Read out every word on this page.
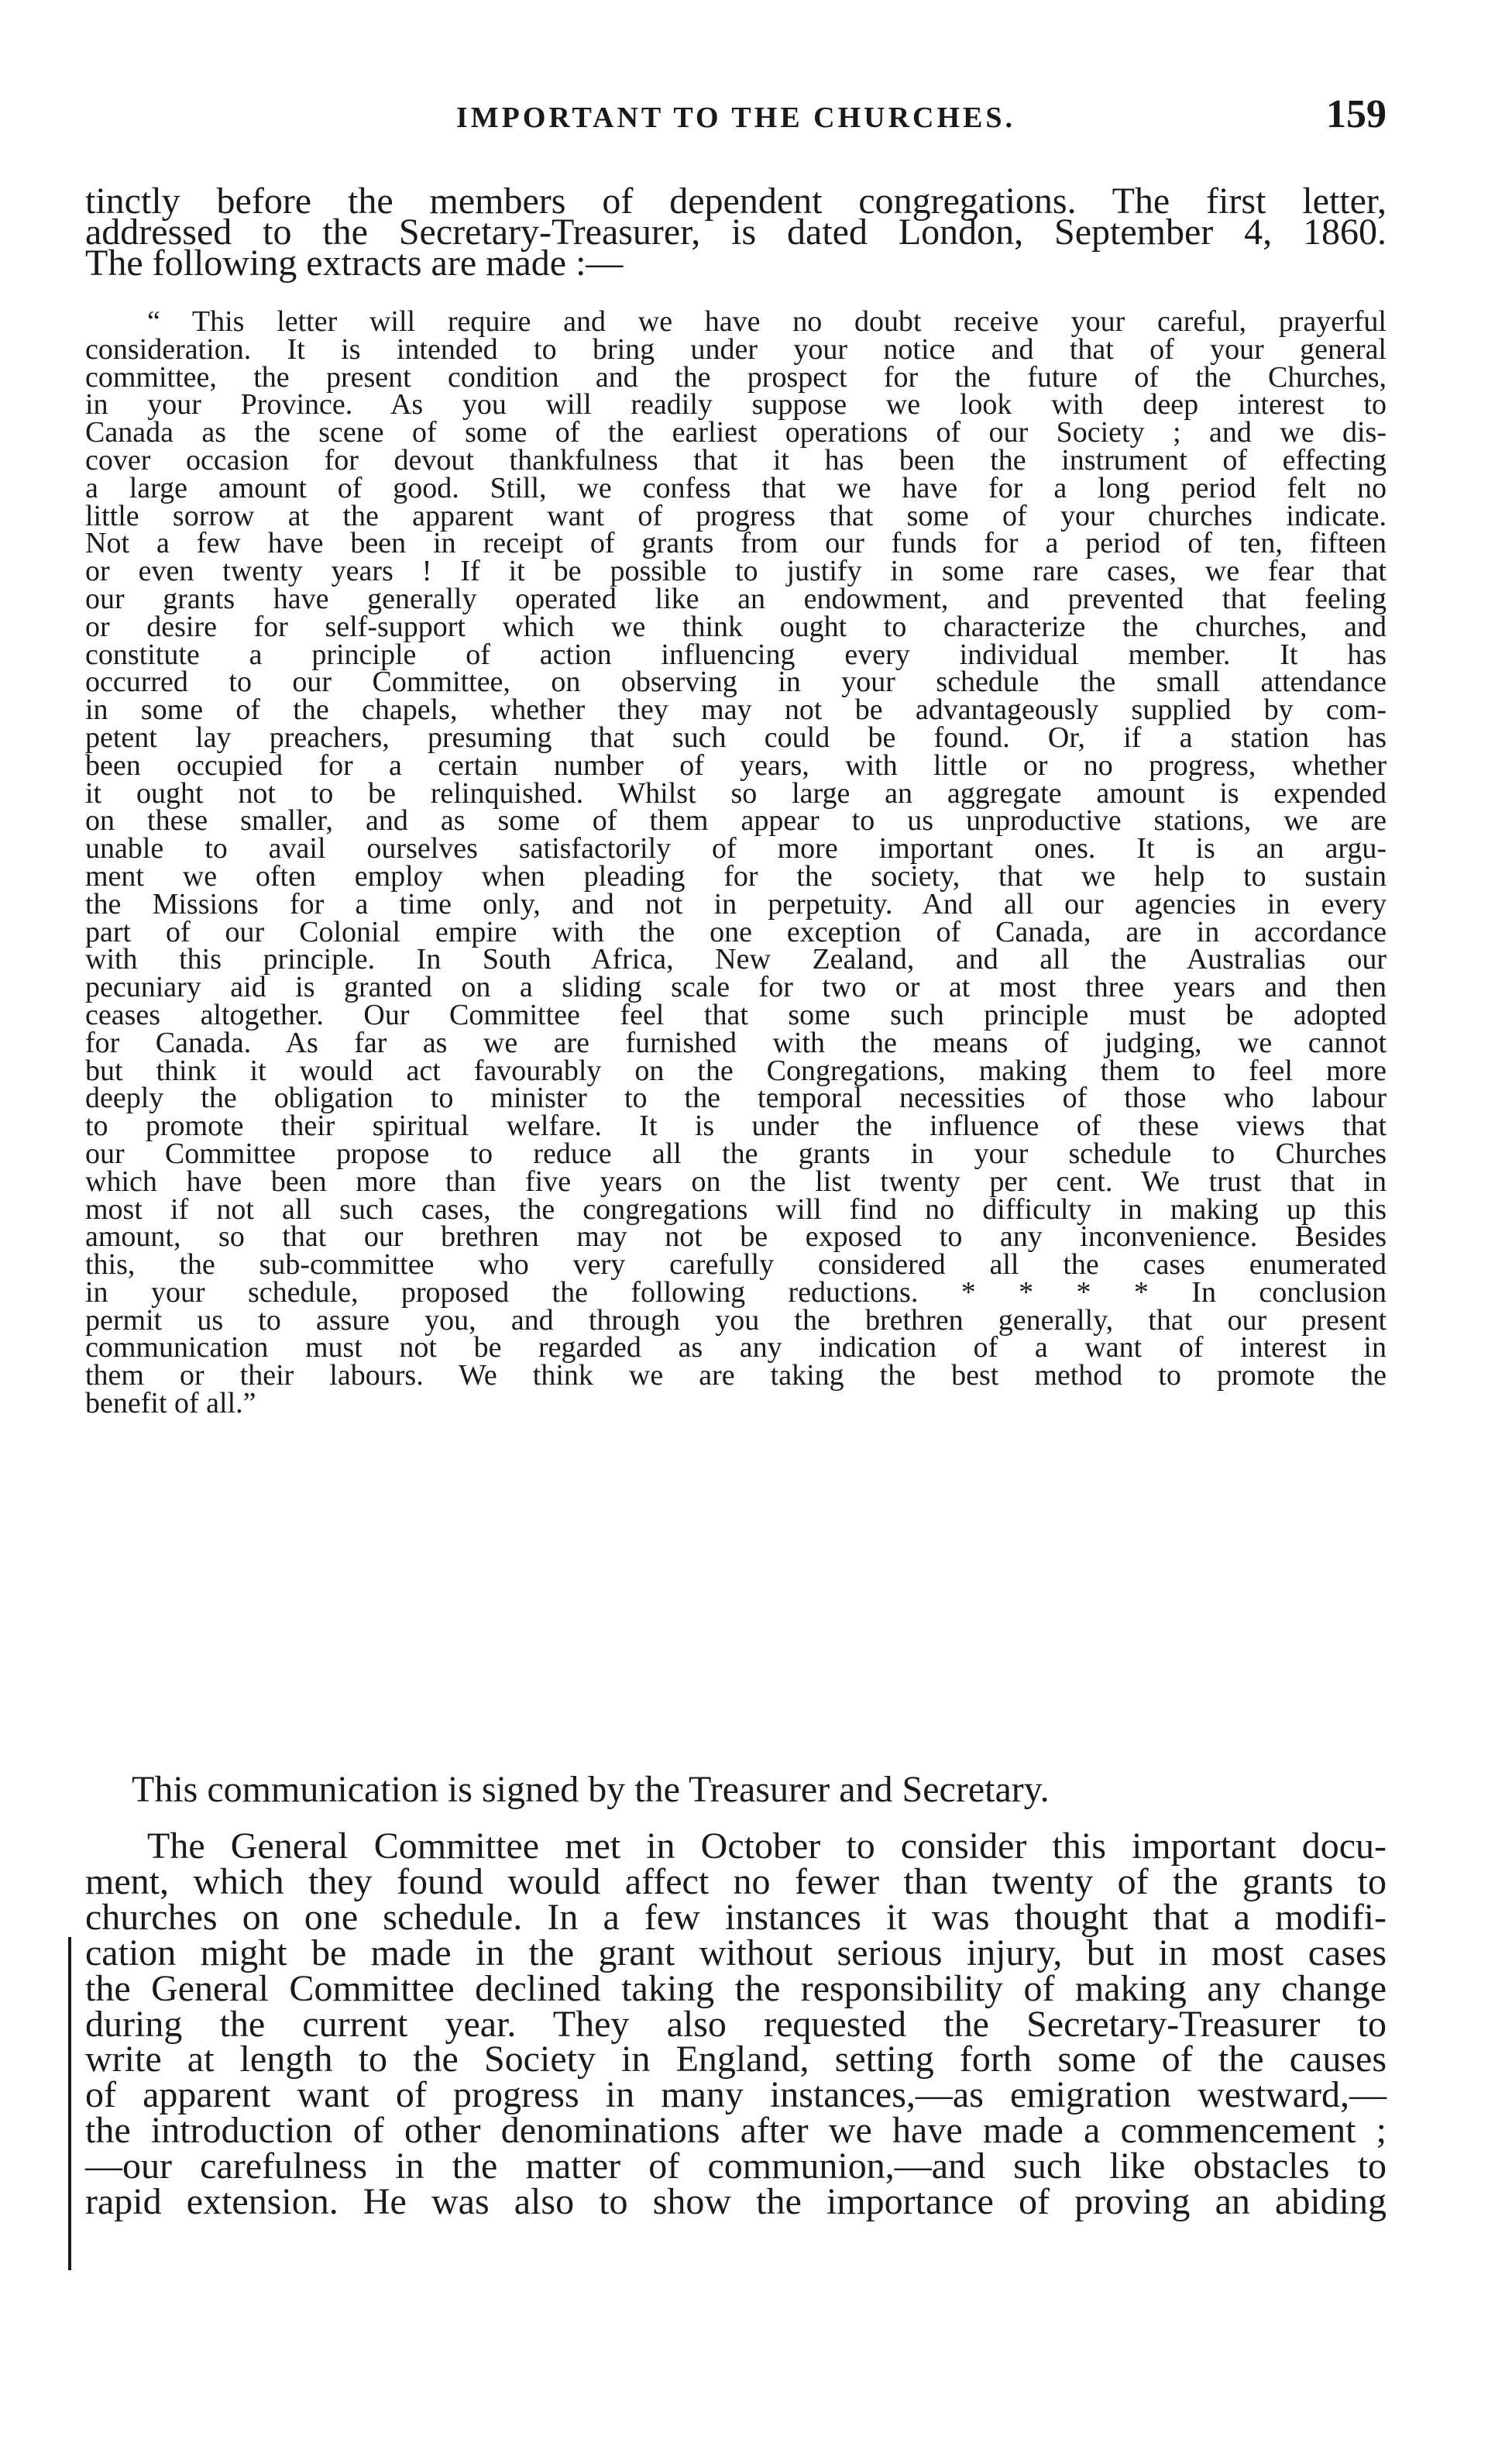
IMPORTANT TO THE CHURCHES.	159
tinctly before the members of dependent congregations. The first letter,
addressed to the Secretary-Treasurer, is dated London, September 4, 1860.
The following extracts are made :—
“ This letter will require and we have no doubt receive your careful, prayerful
consideration. It is intended to bring under your notice and that of your general
committee, the present condition and the prospect for the future of the Churches,
in your Province. As you will readily suppose we look with deep interest to
Canada as the scene of some of the earliest operations of our Society ; and we dis-
cover occasion for devout thankfulness that it has been the instrument of effecting
a large amount of good. Still, we confess that we have for a long period felt no
little sorrow at the apparent want of progress that some of your churches indicate.
Not a few have been in receipt of grants from our funds for a period of ten, fifteen
or even twenty years ! If it be possible to justify in some rare cases, we fear that
our grants have generally operated like an endowment, and prevented that feeling
or desire for self-support which we think ought to characterize the churches, and
constitute a principle of action influencing every individual member. It has
occurred to our Committee, on observing in your schedule the small attendance
in some of the chapels, whether they may not be advantageously supplied by com-
petent lay preachers, presuming that such could be found. Or, if a station has
been occupied for a certain number of years, with little or no progress, whether
it ought not to be relinquished. Whilst so large an aggregate amount is expended
on these smaller, and as some of them appear to us unproductive stations, we are
unable to avail ourselves satisfactorily of more important ones. It is an argu-
ment we often employ when pleading for the society, that we help to sustain
the Missions for a time only, and not in perpetuity. And all our agencies in every
part of our Colonial empire with the one exception of Canada, are in accordance
with this principle. In South Africa, New Zealand, and all the Australias our
pecuniary aid is granted on a sliding scale for two or at most three years and then
ceases altogether. Our Committee feel that some such principle must be adopted
for Canada. As far as we are furnished with the means of judging, we cannot
but think it would act favourably on the Congregations, making them to feel more
deeply the obligation to minister to the temporal necessities of those who labour
to promote their spiritual welfare. It is under the influence of these views that
our Committee propose to reduce all the grants in your schedule to Churches
which have been more than five years on the list twenty per cent. We trust that in
most if not all such cases, the congregations will find no difficulty in making up this
amount, so that our brethren may not be exposed to any inconvenience. Besides
this, the sub-committee who very carefully considered all the cases enumerated
in your schedule, proposed the following reductions. * * * * In conclusion
permit us to assure you, and through you the brethren generally, that our present
communication must not be regarded as any indication of a want of interest in
them or their labours. We think we are taking the best method to promote the
benefit of all.”
This communication is signed by the Treasurer and Secretary.
The General Committee met in October to consider this important docu-
ment, which they found would affect no fewer than twenty of the grants to
churches on one schedule. In a few instances it was thought that a modifi-
cation might be made in the grant without serious injury, but in most cases
the General Committee declined taking the responsibility of making any change
during the current year. They also requested the Secretary-Treasurer to
write at length to the Society in England, setting forth some of the causes
of apparent want of progress in many instances,—as emigration westward,—
the introduction of other denominations after we have made a commencement ;
—our carefulness in the matter of communion,—and such like obstacles to
rapid extension. He was also to show the importance of proving an abiding
